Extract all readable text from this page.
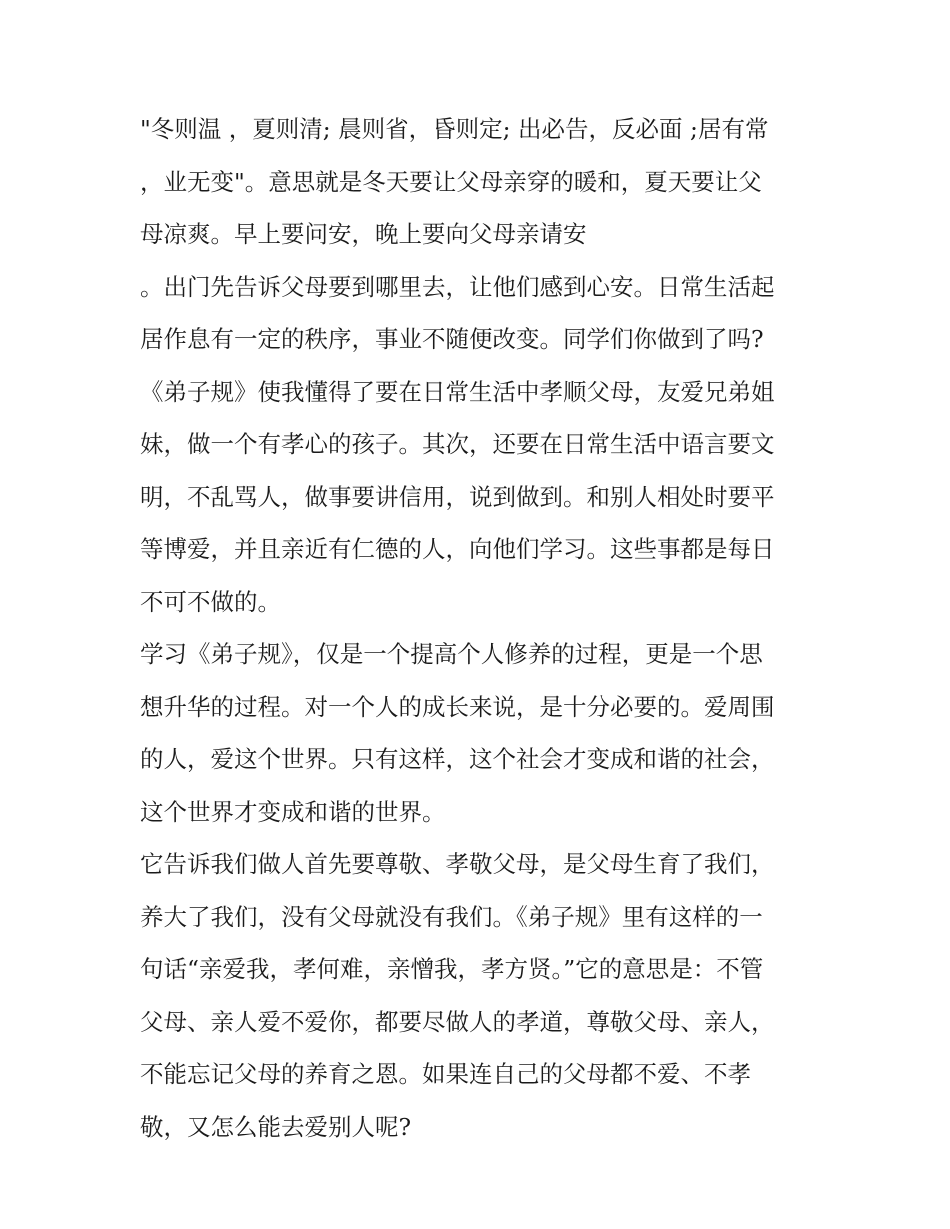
"冬则温 ，夏则清; 晨则省，昏则定; 出必告，反必面 ;居有常

，业无变"。意思就是冬天要让父母亲穿的暖和，夏天要让父

母凉爽。早上要问安，晚上要向父母亲请安

。出门先告诉父母要到哪里去，让他们感到心安。日常生活起

居作息有一定的秩序，事业不随便改变。同学们你做到了吗?

《弟子规》使我懂得了要在日常生活中孝顺父母，友爱兄弟姐

妹，做一个有孝心的孩子。其次，还要在日常生活中语言要文

明，不乱骂人，做事要讲信用，说到做到。和别人相处时要平

等博爱，并且亲近有仁德的人，向他们学习。这些事都是每日

不可不做的。

学习《弟子规》，仅是一个提高个人修养的过程，更是一个思

想升华的过程。对一个人的成长来说，是十分必要的。爱周围

的人，爱这个世界。只有这样，这个社会才变成和谐的社会，

这个世界才变成和谐的世界。

它告诉我们做人首先要尊敬、孝敬父母，是父母生育了我们，

养大了我们，没有父母就没有我们。《弟子规》里有这样的一

句话“亲爱我，孝何难，亲憎我，孝方贤。”它的意思是：不管

父母、亲人爱不爱你，都要尽做人的孝道，尊敬父母、亲人，

不能忘记父母的养育之恩。如果连自己的父母都不爱、不孝

敬，又怎么能去爱别人呢?
